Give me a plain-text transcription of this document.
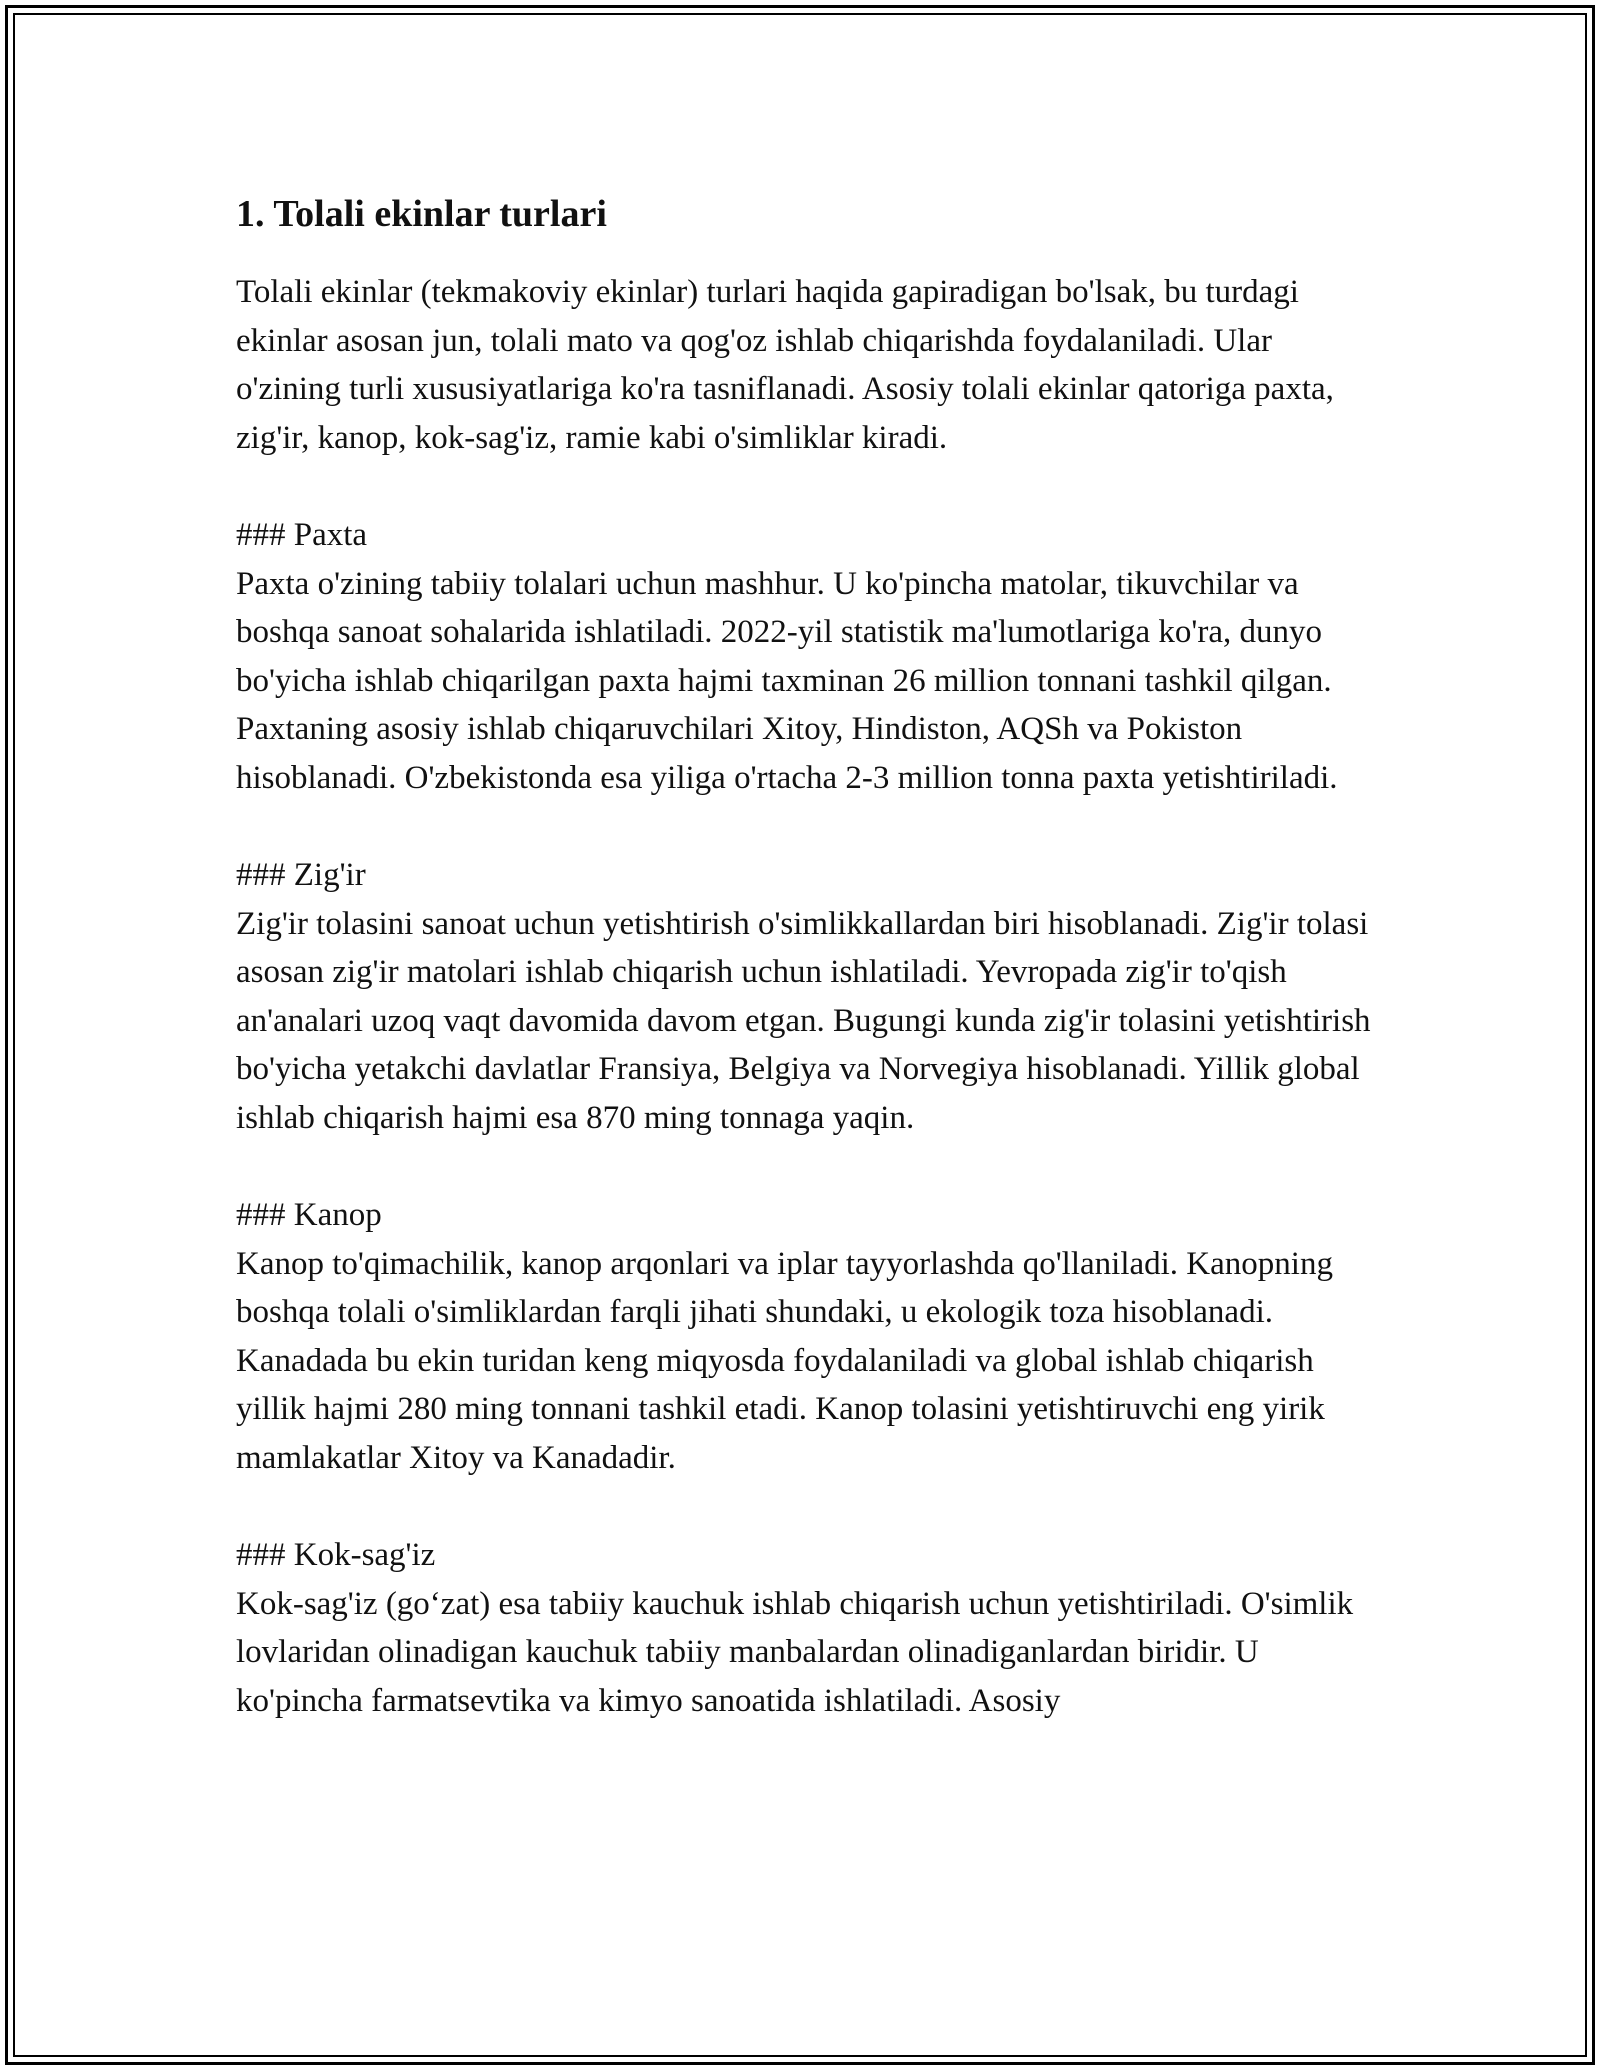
1. Tolali ekinlar turlari

Tolali ekinlar (tekmakoviy ekinlar) turlari haqida gapiradigan bo'lsak, bu turdagi ekinlar asosan jun, tolali mato va qog'oz ishlab chiqarishda foydalaniladi. Ular o'zining turli xususiyatlariga ko'ra tasniflanadi. Asosiy tolali ekinlar qatoriga paxta, zig'ir, kanop, kok-sag'iz, ramie kabi o'simliklar kiradi.

### Paxta
Paxta o'zining tabiiy tolalari uchun mashhur. U ko'pincha matolar, tikuvchilar va boshqa sanoat sohalarida ishlatiladi. 2022-yil statistik ma'lumotlariga ko'ra, dunyo bo'yicha ishlab chiqarilgan paxta hajmi taxminan 26 million tonnani tashkil qilgan. Paxtaning asosiy ishlab chiqaruvchilari Xitoy, Hindiston, AQSh va Pokiston hisoblanadi. O'zbekistonda esa yiliga o'rtacha 2-3 million tonna paxta yetishtiriladi.
### Zig'ir
Zig'ir tolasini sanoat uchun yetishtirish o'simlikkallardan biri hisoblanadi. Zig'ir tolasi asosan zig'ir matolari ishlab chiqarish uchun ishlatiladi. Yevropada zig'ir to'qish an'analari uzoq vaqt davomida davom etgan. Bugungi kunda zig'ir tolasini yetishtirish bo'yicha yetakchi davlatlar Fransiya, Belgiya va Norvegiya hisoblanadi. Yillik global ishlab chiqarish hajmi esa 870 ming tonnaga yaqin.
### Kanop
Kanop to'qimachilik, kanop arqonlari va iplar tayyorlashda qo'llaniladi. Kanopning boshqa tolali o'simliklardan farqli jihati shundaki, u ekologik toza hisoblanadi. Kanadada bu ekin turidan keng miqyosda foydalaniladi va global ishlab chiqarish yillik hajmi 280 ming tonnani tashkil etadi. Kanop tolasini yetishtiruvchi eng yirik mamlakatlar Xitoy va Kanadadir.
### Kok-sag'iz
Kok-sag'iz (go‘zat) esa tabiiy kauchuk ishlab chiqarish uchun yetishtiriladi. O'simlik lovlaridan olinadigan kauchuk tabiiy manbalardan olinadiganlardan biridir. U ko'pincha farmatsevtika va kimyo sanoatida ishlatiladi. Asosiy
